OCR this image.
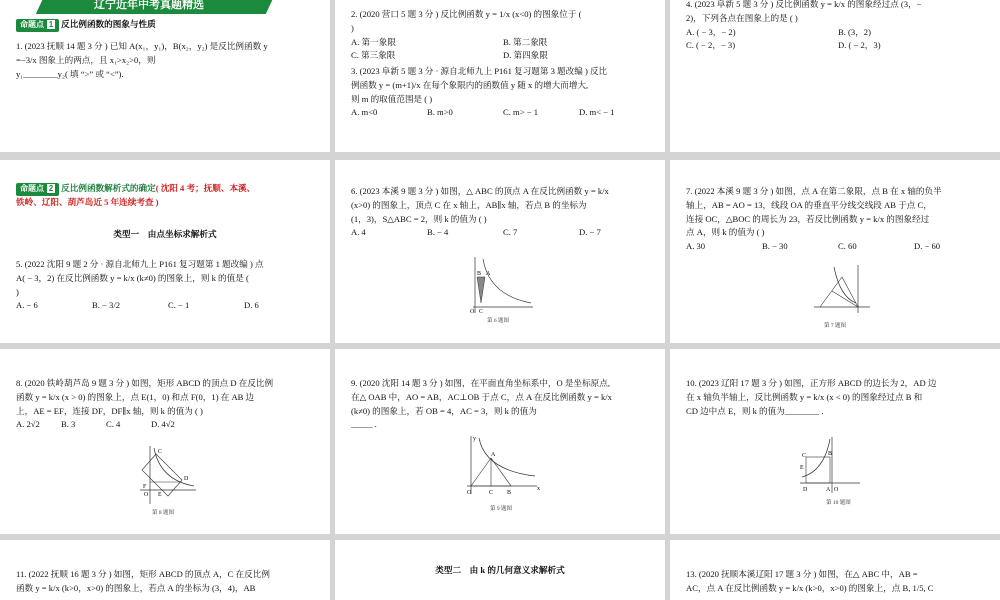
辽宁近年中考真题精选
命题点 1 反比例函数的图象与性质
1. (2023 抚顺 14 题 3 分 ) 已知 A(x₁，y₁)，B(x₂，y₂) 是反比例函数 y
=−3/x 图象上的两点，且 x₁>x₂>0，则
y₁________y₂( 填 “>” 或 “<”).
2. (2020 营口 5 题 3 分 ) 反比例函数 y = 1/x (x<0) 的图象位于 (
)
A. 第一象限	B. 第二象限
C. 第三象限	D. 第四象限
3. (2023 阜新 5 题 3 分 · 源自北师九上 P161 复习题第 3 题改编 ) 反比
例函数 y = (m+1)/x 在每个象限内的函数值 y 随 x 的增大而增大,
则 m 的取值范围是 ( )
A. m<0	B. m>0	C. m> − 1	D. m< − 1
4. (2023 阜新 5 题 3 分 ) 反比例函数 y = k/x 的图象经过点 (3，−
2)，下列各点在图象上的是 ( )
A. ( − 3，− 2)	B. (3，2)
C. ( − 2，− 3)	D. ( − 2，3)
命题点 2 反比例函数解析式的确定( 沈阳 4 考；抚顺、本溪、
铁岭、辽阳、葫芦岛近 5 年连续考查 )
类型一　由点坐标求解析式
5. (2022 沈阳 9 题 2 分 · 源自北师九上 P161 复习题第 1 题改编 ) 点
A( − 3，2) 在反比例函数 y = k/x (k≠0) 的图象上，则 k 的值是 (
)
A. − 6	B. − 3/2	C. − 1	D. 6
6. (2023 本溪 9 题 3 分 ) 如图，△ ABC 的顶点 A 在反比例函数 y = k/x
(x>0) 的图象上，顶点 C 在 x 轴上，AB∥x 轴，若点 B 的坐标为
(1，3)，S△ABC = 2，则 k 的值为 ( )
A. 4	B. − 4	C. 7	D. − 7
B A
O C
第 6 题图
7. (2022 本溪 9 题 3 分 ) 如图，点 A 在第二象限，点 B 在 x 轴的负半
轴上，AB = AO = 13，线段 OA 的垂直平分线交线段 AB 于点 C，
连接 OC，△BOC 的周长为 23，若反比例函数 y = k/x 的图象经过
点 A，则 k 的值为 ( )
A. 30	B. − 30	C. 60	D. − 60
第 7 题图
8. (2020 铁岭葫芦岛 9 题 3 分 ) 如图，矩形 ABCD 的顶点 D 在反比例
函数 y = k/x (x > 0) 的图象上，点 E(1，0) 和点 F(0，1) 在 AB 边
上，AE = EF，连接 DF，DF∥x 轴，则 k 的值为 ( )
A. 2√2	B. 3	C. 4	D. 4√2
C
D
F
O E
第 8 题图
9. (2020 沈阳 14 题 3 分 ) 如图，在平面直角坐标系中，O 是坐标原点,
在△ OAB 中，AO = AB，AC⊥OB 于点 C，点 A 在反比例函数 y = k/x
(k≠0) 的图象上，若 OB = 4，AC = 3，则 k 的值为
_____ .
A
O	C B
x
y
第 9 题图
10. (2023 辽阳 17 题 3 分 ) 如图，正方形 ABCD 的边长为 2，AD 边
在 x 轴负半轴上，反比例函数 y = k/x (x < 0) 的图象经过点 B 和
CD 边中点 E，则 k 的值为________ .
C	B
E
D	A O
第 10 题图
11. (2022 抚顺 16 题 3 分 ) 如图，矩形 ABCD 的顶点 A，C 在反比例
函数 y = k/x (k>0，x>0) 的图象上，若点 A 的坐标为 (3，4)，AB
类型二　由 k 的几何意义求解析式	13. (2020 抚顺本溪辽阳 17 题 3 分 ) 如图，在△ ABC 中，AB =
AC，点 A 在反比例函数 y = k/x (k>0，x>0) 的图象上，点 B, 1/5, C
